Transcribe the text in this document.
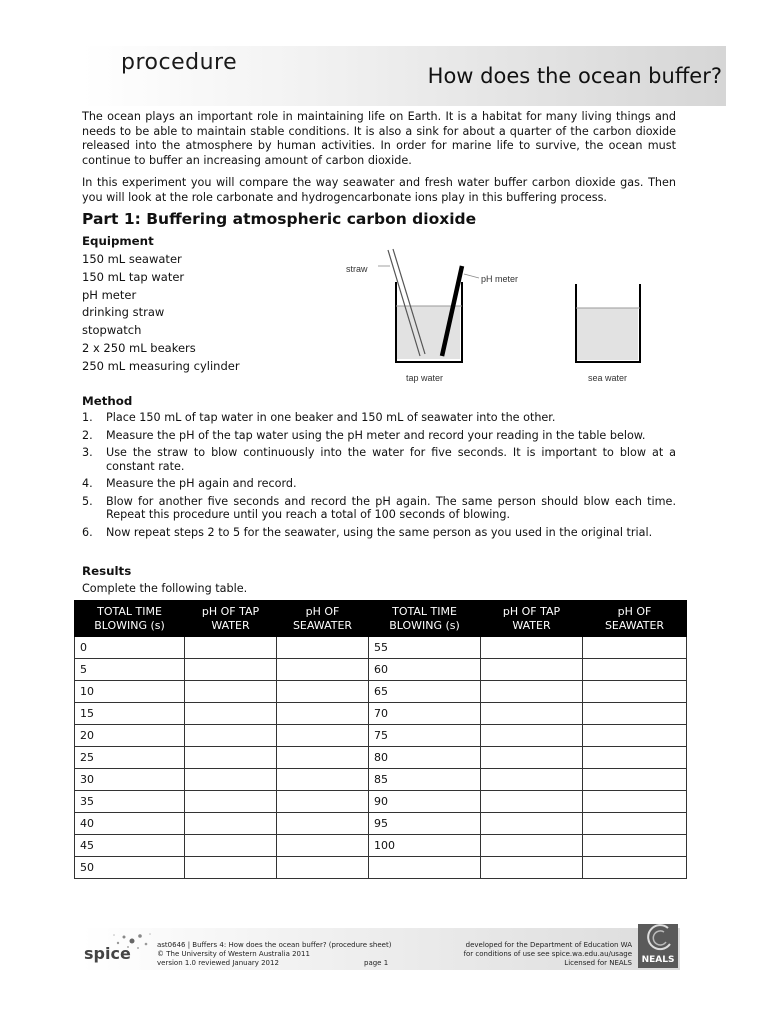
procedure
How does the ocean buffer?

The ocean plays an important role in maintaining life on Earth. It is a habitat for many living things and needs to be able to maintain stable conditions. It is also a sink for about a quarter of the carbon dioxide released into the atmosphere by human activities. In order for marine life to survive, the ocean must continue to buffer an increasing amount of carbon dioxide.

In this experiment you will compare the way seawater and fresh water buffer carbon dioxide gas. Then you will look at the role carbonate and hydrogencarbonate ions play in this buffering process.

Part 1: Buffering atmospheric carbon dioxide
Equipment
150 mL seawater
150 mL tap water
pH meter
drinking straw
stopwatch
2 x 250 mL beakers
250 mL measuring cylinder
straw
pH meter
tap water	sea water
Method
1.	Place 150 mL of tap water in one beaker and 150 mL of seawater into the other.
2.	Measure the pH of the tap water using the pH meter and record your reading in the table below.
3.	Use the straw to blow continuously into the water for five seconds. It is important to blow at a constant rate.
4.	Measure the pH again and record.
5.	Blow for another five seconds and record the pH again. The same person should blow each time. Repeat this procedure until you reach a total of 100 seconds of blowing.
6.	Now repeat steps 2 to 5 for the seawater, using the same person as you used in the original trial.
Results
Complete the following table.
TOTAL TIME BLOWING (s)	pH OF TAP WATER	pH OF SEAWATER	TOTAL TIME BLOWING (s)	pH OF TAP WATER	pH OF SEAWATER
0			55		
5			60		
10			65		
15			70		
20			75		
25			80		
30			85		
35			90		
40			95		
45			100		
50					
spice	ast0646 | Buffers 4: How does the ocean buffer? (procedure sheet)
© The University of Western Australia 2011
version 1.0 reviewed January 2012	page 1
developed for the Department of Education WA
for conditions of use see spice.wa.edu.au/usage
Licensed for NEALS	NEALS
